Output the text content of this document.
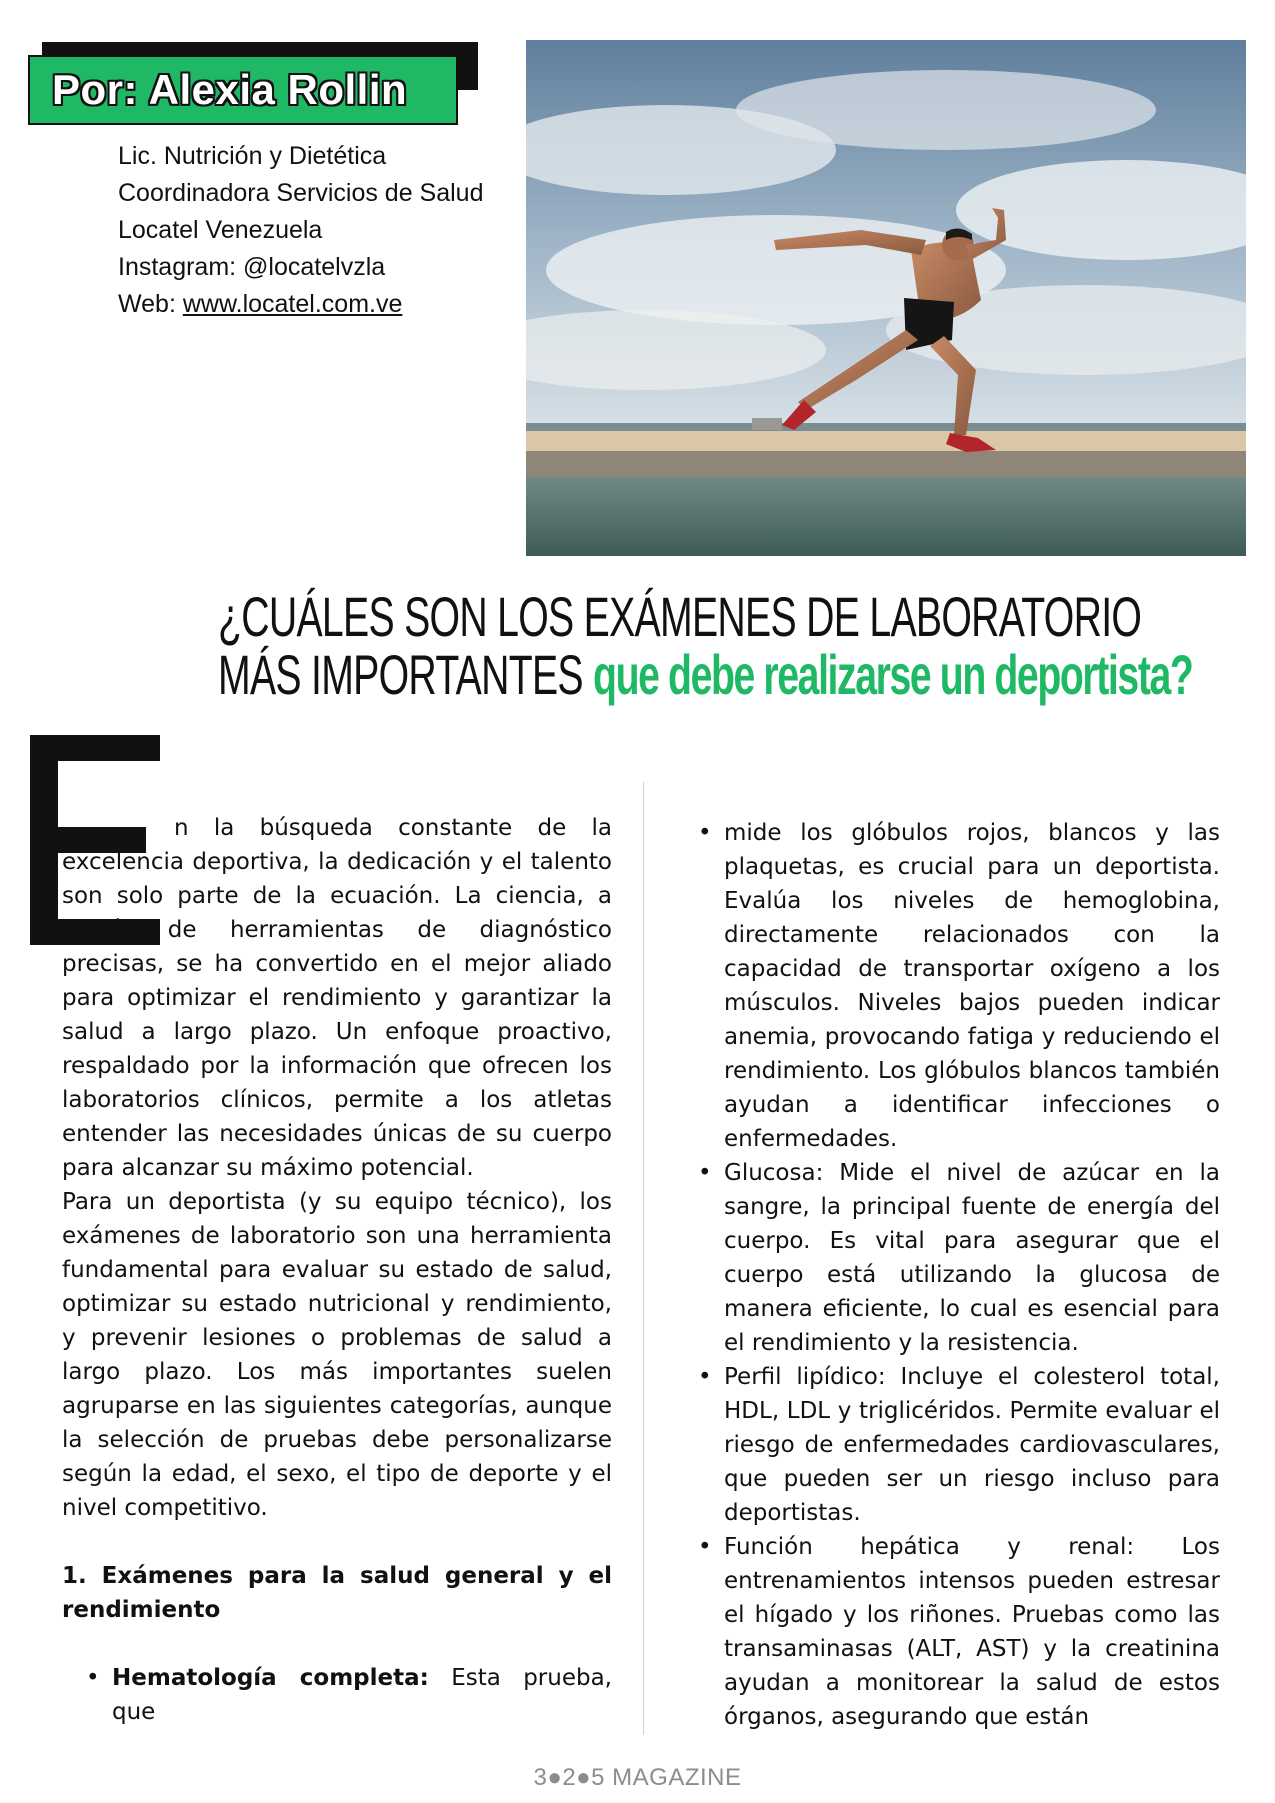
Por: Alexia Rollin
Lic. Nutrición y Dietética
Coordinadora Servicios de Salud
Locatel Venezuela
Instagram: @locatelvzla
Web: www.locatel.com.ve
¿CUÁLES SON LOS EXÁMENES DE LABORATORIO
MÁS IMPORTANTES que debe realizarse un deportista?

n la búsqueda constante de la excelencia deportiva, la dedicación y el talento son solo parte de la ecuación. La ciencia, a través de herramientas de diagnóstico precisas, se ha convertido en el mejor aliado para optimizar el rendimiento y garantizar la salud a largo plazo. Un enfoque proactivo, respaldado por la información que ofrecen los laboratorios clínicos, permite a los atletas entender las necesidades únicas de su cuerpo para alcanzar su máximo potencial.

Para un deportista (y su equipo técnico), los exámenes de laboratorio son una herramienta fundamental para evaluar su estado de salud, optimizar su estado nutricional y rendimiento, y prevenir lesiones o problemas de salud a largo plazo. Los más importantes suelen agruparse en las siguientes categorías, aunque la selección de pruebas debe personalizarse según la edad, el sexo, el tipo de deporte y el nivel competitivo.

1. Exámenes para la salud general y el rendimiento

• Hematología completa: Esta prueba, que

• mide los glóbulos rojos, blancos y las plaquetas, es crucial para un deportista. Evalúa los niveles de hemoglobina, directamente relacionados con la capacidad de transportar oxígeno a los músculos. Niveles bajos pueden indicar anemia, provocando fatiga y reduciendo el rendimiento. Los glóbulos blancos también ayudan a identificar infecciones o enfermedades.
• Glucosa: Mide el nivel de azúcar en la sangre, la principal fuente de energía del cuerpo. Es vital para asegurar que el cuerpo está utilizando la glucosa de manera eficiente, lo cual es esencial para el rendimiento y la resistencia.
• Perfil lipídico: Incluye el colesterol total, HDL, LDL y triglicéridos. Permite evaluar el riesgo de enfermedades cardiovasculares, que pueden ser un riesgo incluso para deportistas.
• Función hepática y renal: Los entrenamientos intensos pueden estresar el hígado y los riñones. Pruebas como las transaminasas (ALT, AST) y la creatinina ayudan a monitorear la salud de estos órganos, asegurando que están
3●2●5 MAGAZINE
